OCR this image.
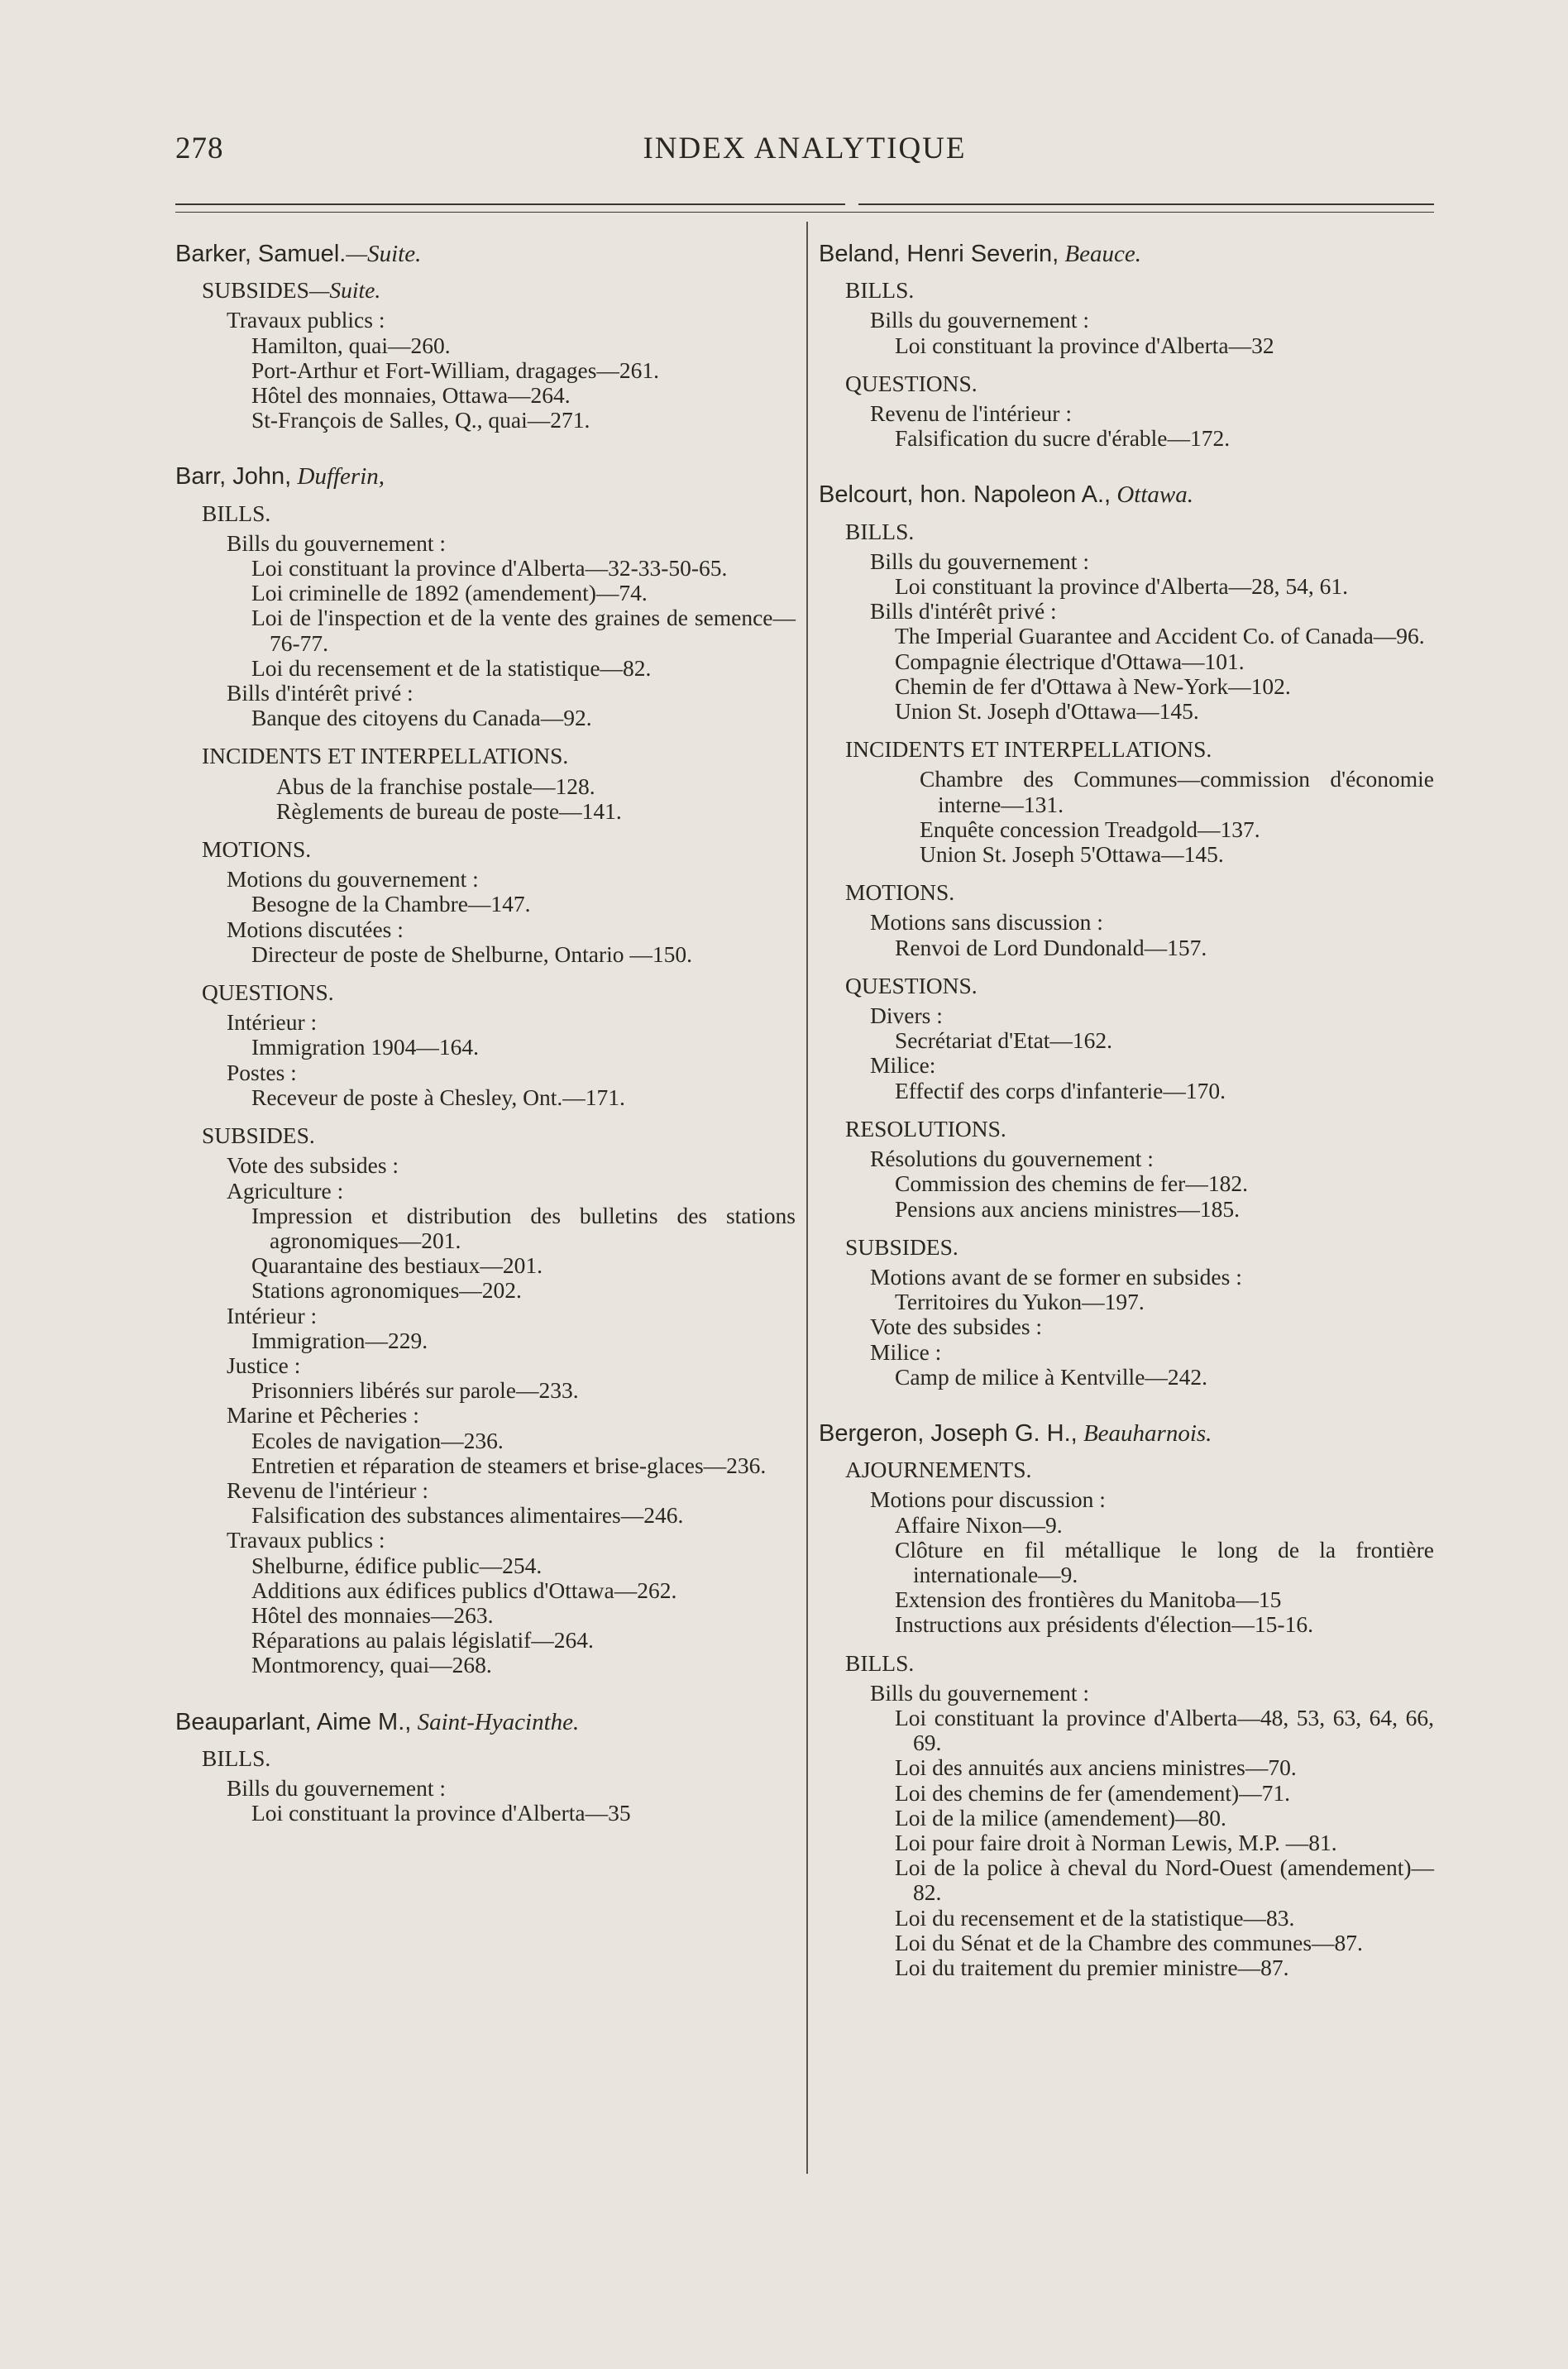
278	INDEX ANALYTIQUE
Barker, Samuel.—Suite.
SUBSIDES—Suite.
Travaux publics :
Hamilton, quai—260.
Port-Arthur et Fort-William, dragages—261.
Hôtel des monnaies, Ottawa—264.
St-François de Salles, Q., quai—271.
Barr, John, Dufferin,
BILLS.
Bills du gouvernement :
Loi constituant la province d'Alberta—32-33-50-65.
Loi criminelle de 1892 (amendement)—74.
Loi de l'inspection et de la vente des graines de semence—76-77.
Loi du recensement et de la statistique—82.
Bills d'intérêt privé :
Banque des citoyens du Canada—92.
INCIDENTS ET INTERPELLATIONS.
Abus de la franchise postale—128.
Règlements de bureau de poste—141.
MOTIONS.
Motions du gouvernement :
Besogne de la Chambre—147.
Motions discutées :
Directeur de poste de Shelburne, Ontario —150.
QUESTIONS.
Intérieur :
Immigration 1904—164.
Postes :
Receveur de poste à Chesley, Ont.—171.
SUBSIDES.
Vote des subsides :
Agriculture :
Impression et distribution des bulletins des stations agronomiques—201.
Quarantaine des bestiaux—201.
Stations agronomiques—202.
Intérieur :
Immigration—229.
Justice :
Prisonniers libérés sur parole—233.
Marine et Pêcheries :
Ecoles de navigation—236.
Entretien et réparation de steamers et brise-glaces—236.
Revenu de l'intérieur :
Falsification des substances alimentaires—246.
Travaux publics :
Shelburne, édifice public—254.
Additions aux édifices publics d'Ottawa—262.
Hôtel des monnaies—263.
Réparations au palais législatif—264.
Montmorency, quai—268.
Beauparlant, Aime M., Saint-Hyacinthe.
BILLS.
Bills du gouvernement :
Loi constituant la province d'Alberta—35
Beland, Henri Severin, Beauce.
BILLS.
Bills du gouvernement :
Loi constituant la province d'Alberta—32
QUESTIONS.
Revenu de l'intérieur :
Falsification du sucre d'érable—172.
Belcourt, hon. Napoleon A., Ottawa.
BILLS.
Bills du gouvernement :
Loi constituant la province d'Alberta—28, 54, 61.
Bills d'intérêt privé :
The Imperial Guarantee and Accident Co. of Canada—96.
Compagnie électrique d'Ottawa—101.
Chemin de fer d'Ottawa à New-York—102.
Union St. Joseph d'Ottawa—145.
INCIDENTS ET INTERPELLATIONS.
Chambre des Communes—commission d'économie interne—131.
Enquête concession Treadgold—137.
Union St. Joseph 5'Ottawa—145.
MOTIONS.
Motions sans discussion :
Renvoi de Lord Dundonald—157.
QUESTIONS.
Divers :
Secrétariat d'Etat—162.
Milice:
Effectif des corps d'infanterie—170.
RESOLUTIONS.
Résolutions du gouvernement :
Commission des chemins de fer—182.
Pensions aux anciens ministres—185.
SUBSIDES.
Motions avant de se former en subsides :
Territoires du Yukon—197.
Vote des subsides :
Milice :
Camp de milice à Kentville—242.
Bergeron, Joseph G. H., Beauharnois.
AJOURNEMENTS.
Motions pour discussion :
Affaire Nixon—9.
Clôture en fil métallique le long de la frontière internationale—9.
Extension des frontières du Manitoba—15
Instructions aux présidents d'élection—15-16.
BILLS.
Bills du gouvernement :
Loi constituant la province d'Alberta—48, 53, 63, 64, 66, 69.
Loi des annuités aux anciens ministres—70.
Loi des chemins de fer (amendement)—71.
Loi de la milice (amendement)—80.
Loi pour faire droit à Norman Lewis, M.P. —81.
Loi de la police à cheval du Nord-Ouest (amendement)—82.
Loi du recensement et de la statistique—83.
Loi du Sénat et de la Chambre des communes—87.
Loi du traitement du premier ministre—87.
